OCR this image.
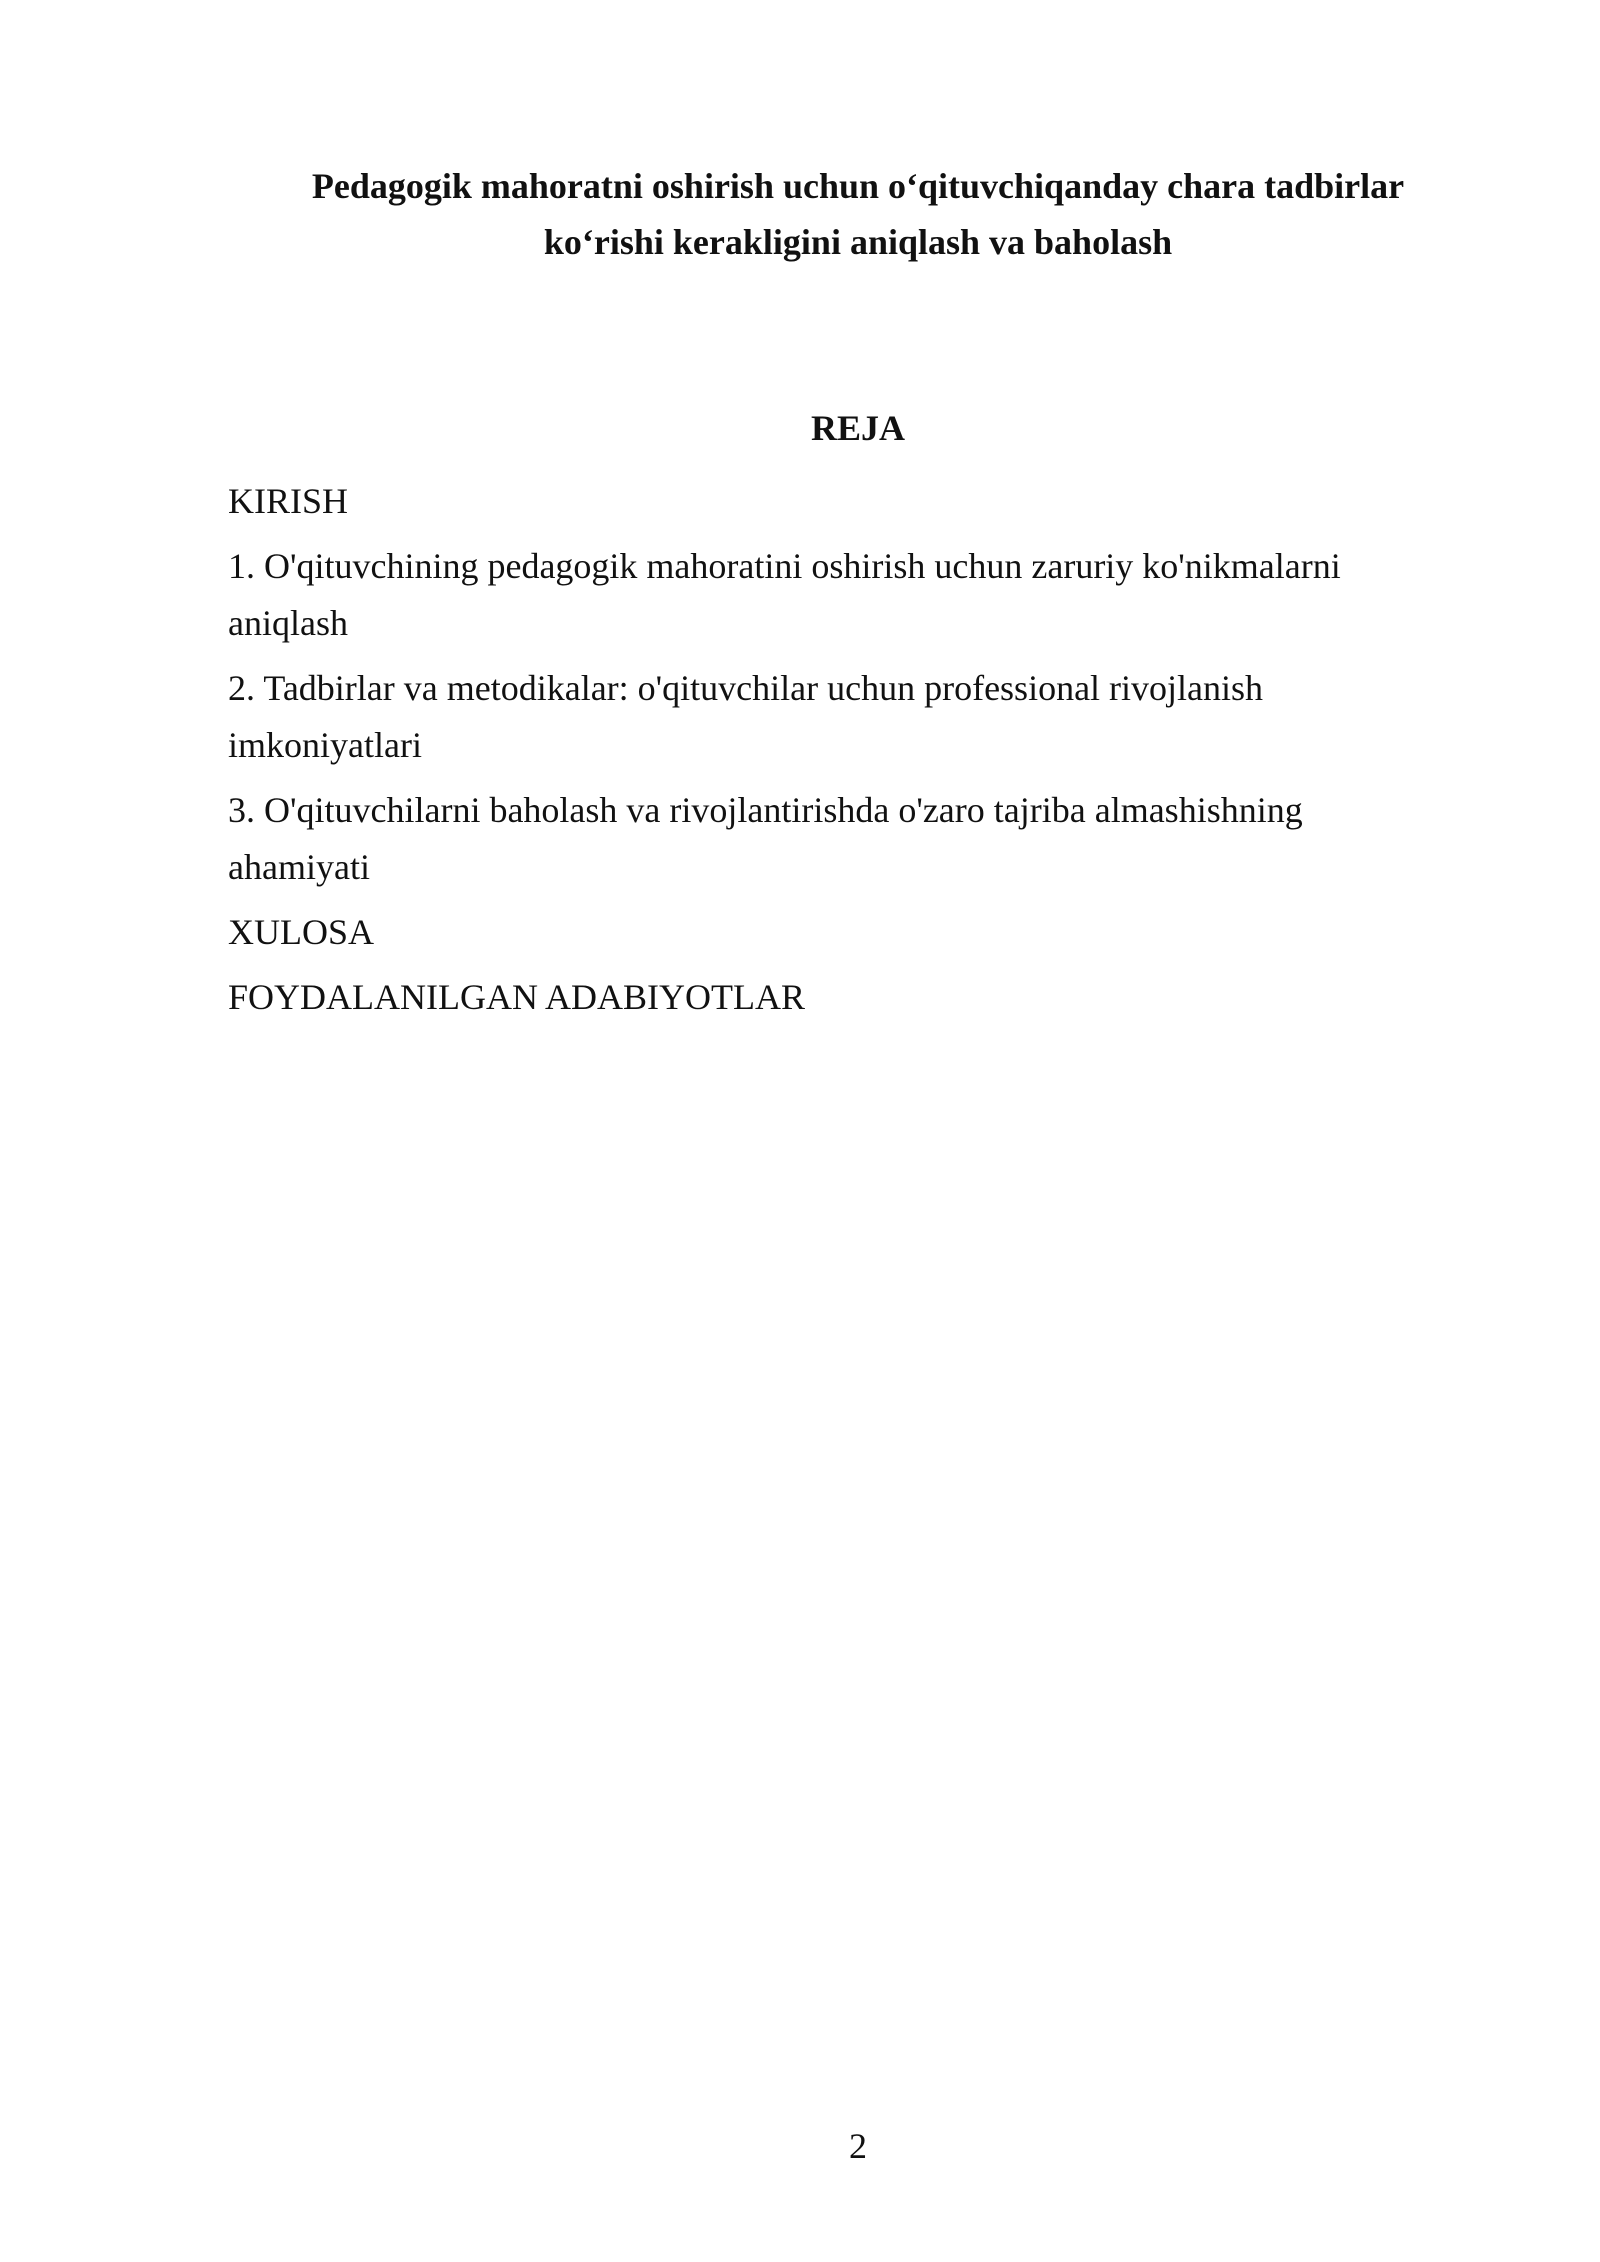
Pedagogik mahoratni oshirish uchun o‘qituvchiqanday chara tadbirlar
ko‘rishi kerakligini aniqlash va baholash
REJA
KIRISH
1. O'qituvchining pedagogik mahoratini oshirish uchun zaruriy ko'nikmalarni aniqlash
2. Tadbirlar va metodikalar: o'qituvchilar uchun professional rivojlanish imkoniyatlari
3. O'qituvchilarni baholash va rivojlantirishda o'zaro tajriba almashishning ahamiyati
XULOSA
FOYDALANILGAN ADABIYOTLAR
2
